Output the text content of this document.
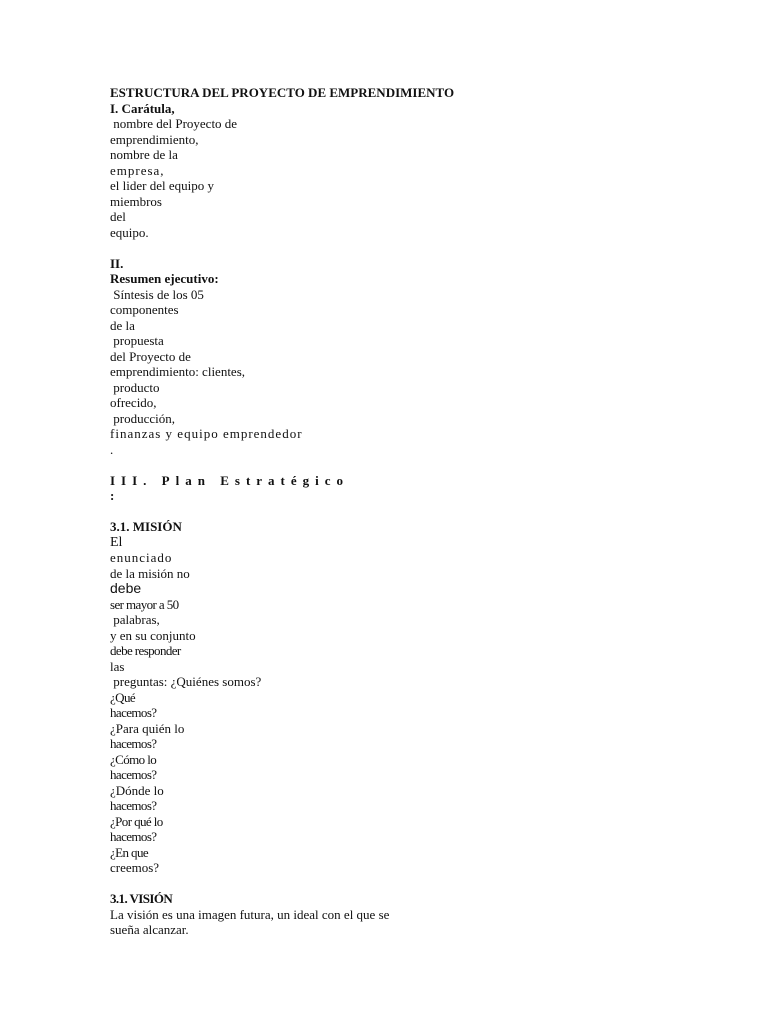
ESTRUCTURA DEL PROYECTO DE EMPRENDIMIENTO
I. Carátula,
nombre del Proyecto de
emprendimiento,
nombre de la
empresa,
el lider del equipo y
miembros
del
equipo.
II.
Resumen ejecutivo:
Síntesis de los 05
componentes
de la
propuesta
del Proyecto de
emprendimiento: clientes,
producto
ofrecido,
producción,
finanzas y equipo emprendedor
.
III. Plan Estratégico
:
3.1. MISIÓN
El
enunciado
de la misión no
debe
ser mayor a 50
palabras,
y en su conjunto
debe responder
las
preguntas: ¿Quiénes somos?
¿Qué
hacemos?
¿Para quién lo
hacemos?
¿Cómo lo
hacemos?
¿Dónde lo
hacemos?
¿Por qué lo
hacemos?
¿En que
creemos?
3.1. VISIÓN
La visión es una imagen futura, un ideal con el que se
sueña alcanzar.
